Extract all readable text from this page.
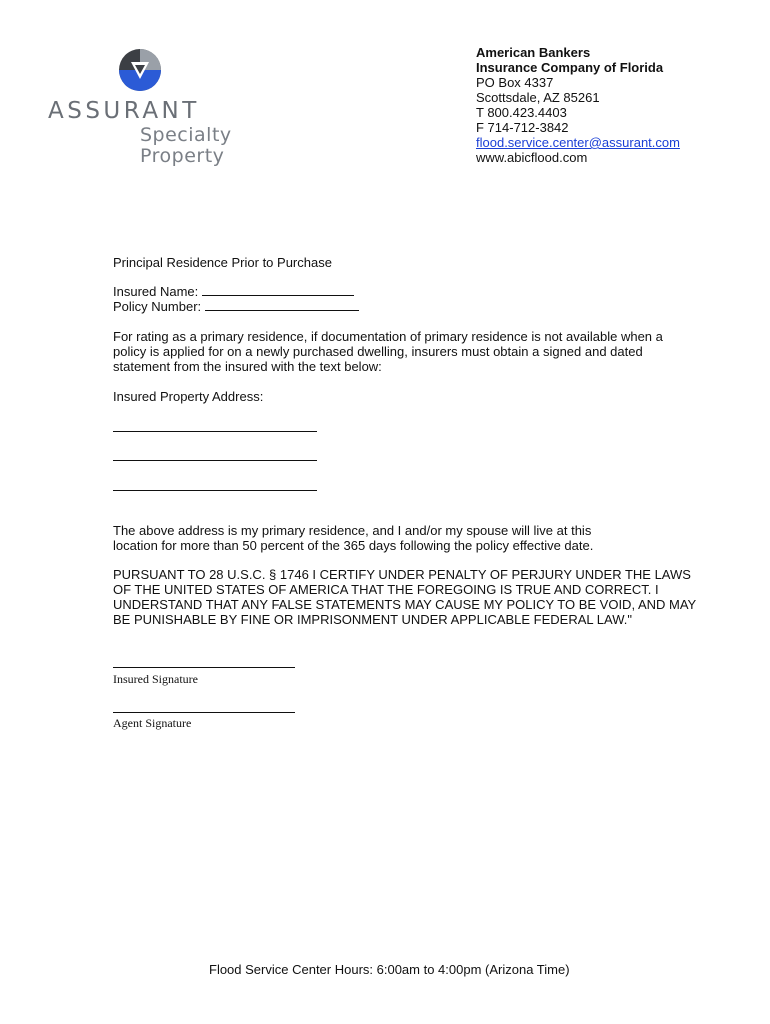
ASSURANT
Specialty
Property
American Bankers
Insurance Company of Florida
PO Box 4337
Scottsdale, AZ 85261
T 800.423.4403
F 714-712-3842
flood.service.center@assurant.com
www.abicflood.com
Principal Residence Prior to Purchase
Insured Name:
Policy Number:
For rating as a primary residence, if documentation of primary residence is not available when a
policy is applied for on a newly purchased dwelling, insurers must obtain a signed and dated
statement from the insured with the text below:
Insured Property Address:
The above address is my primary residence, and I and/or my spouse will live at this
location for more than 50 percent of the 365 days following the policy effective date.
PURSUANT TO 28 U.S.C. § 1746 I CERTIFY UNDER PENALTY OF PERJURY UNDER THE LAWS
OF THE UNITED STATES OF AMERICA THAT THE FOREGOING IS TRUE AND CORRECT. I
UNDERSTAND THAT ANY FALSE STATEMENTS MAY CAUSE MY POLICY TO BE VOID, AND MAY
BE PUNISHABLE BY FINE OR IMPRISONMENT UNDER APPLICABLE FEDERAL LAW."
Insured Signature
Agent Signature
Flood Service Center Hours: 6:00am to 4:00pm (Arizona Time)
